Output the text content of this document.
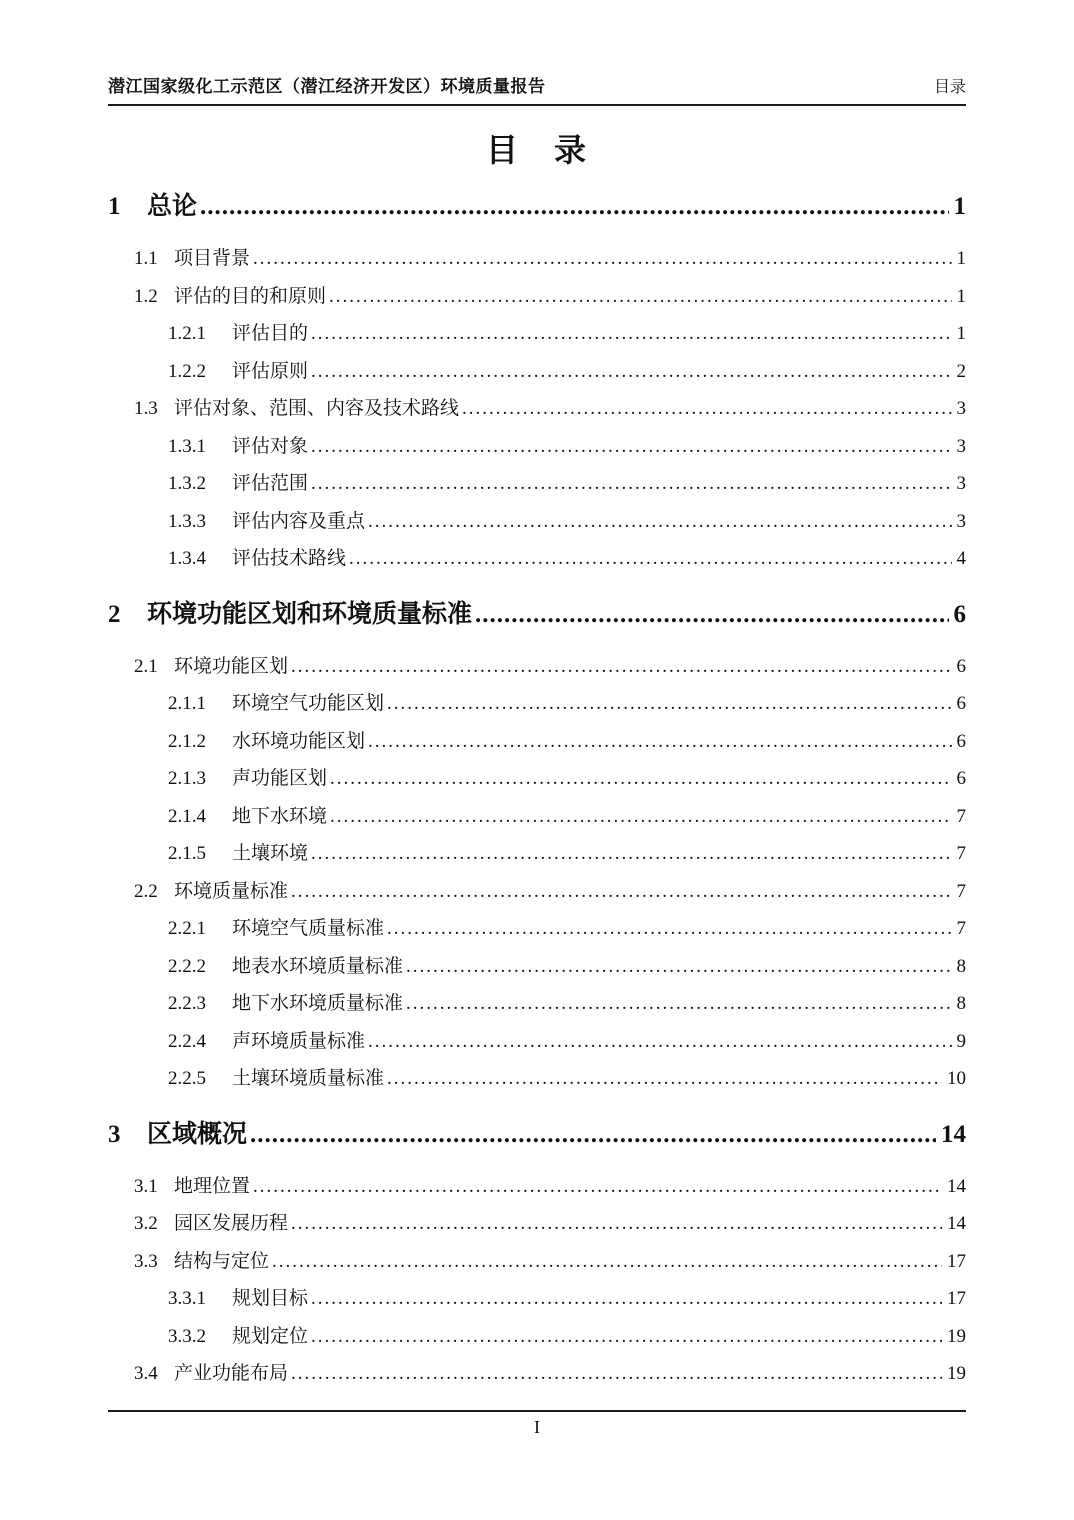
潜江国家级化工示范区（潜江经济开发区）环境质量报告	目录
目　录
1	总论 .....	1
1.1 项目背景 .....	1
1.2 评估的目的和原则 .....	1
1.2.1	评估目的 .....	1
1.2.2	评估原则 .....	2
1.3 评估对象、范围、内容及技术路线 .....	3
1.3.1	评估对象 .....	3
1.3.2	评估范围 .....	3
1.3.3	评估内容及重点 .....	3
1.3.4	评估技术路线 .....	4
2	环境功能区划和环境质量标准 .....	6
2.1 环境功能区划 .....	6
2.1.1	环境空气功能区划 .....	6
2.1.2	水环境功能区划 .....	6
2.1.3	声功能区划 .....	6
2.1.4	地下水环境 .....	7
2.1.5	土壤环境 .....	7
2.2 环境质量标准 .....	7
2.2.1	环境空气质量标准 .....	7
2.2.2	地表水环境质量标准 .....	8
2.2.3	地下水环境质量标准 .....	8
2.2.4	声环境质量标准 .....	9
2.2.5	土壤环境质量标准 .....	10
3	区域概况 .....	14
3.1 地理位置 .....	14
3.2 园区发展历程 .....	14
3.3 结构与定位 .....	17
3.3.1	规划目标 .....	17
3.3.2	规划定位 .....	19
3.4 产业功能布局 .....	19
I
